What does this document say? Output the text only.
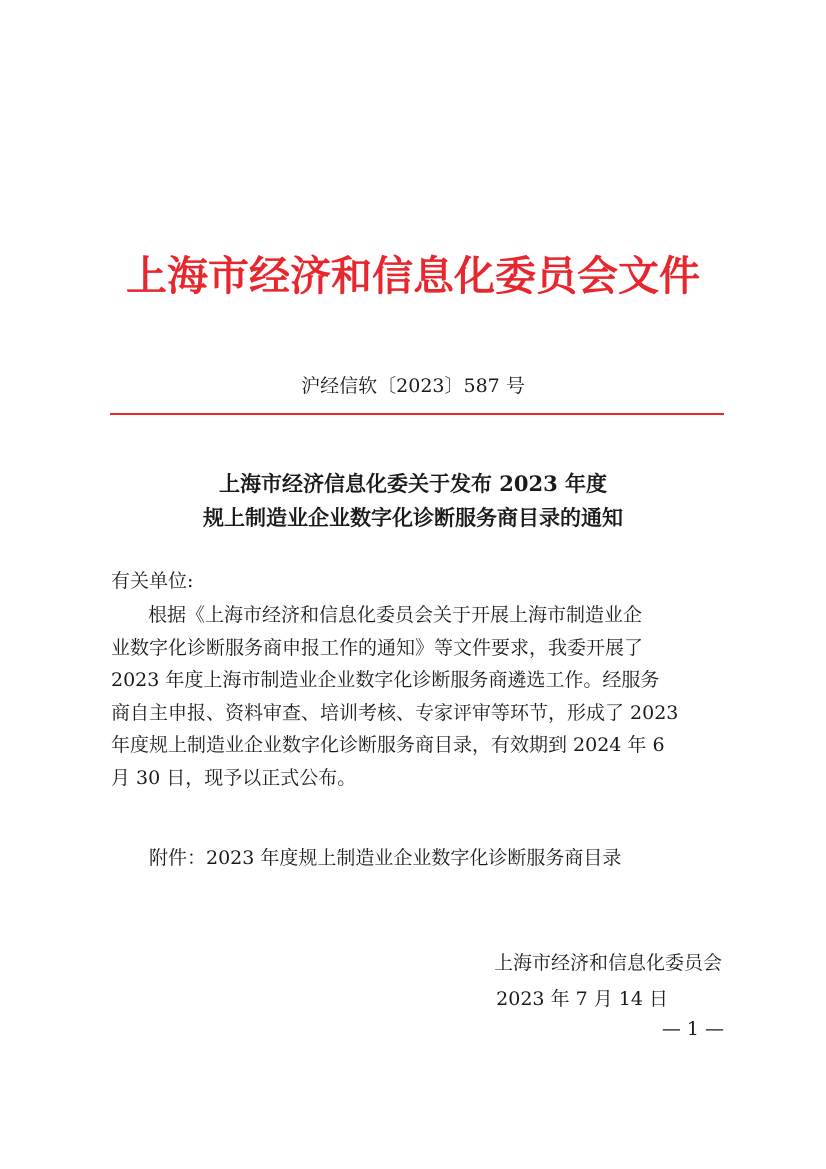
上海市经济和信息化委员会文件
沪经信软〔2023〕587 号
上海市经济信息化委关于发布 2023 年度
规上制造业企业数字化诊断服务商目录的通知
有关单位:
根据《上海市经济和信息化委员会关于开展上海市制造业企
业数字化诊断服务商申报工作的通知》等文件要求，我委开展了
2023 年度上海市制造业企业数字化诊断服务商遴选工作。经服务
商自主申报、资料审查、培训考核、专家评审等环节，形成了 2023
年度规上制造业企业数字化诊断服务商目录，有效期到 2024 年 6
月 30 日，现予以正式公布。
附件：2023 年度规上制造业企业数字化诊断服务商目录
上海市经济和信息化委员会
2023 年 7 月 14 日
— 1 —
